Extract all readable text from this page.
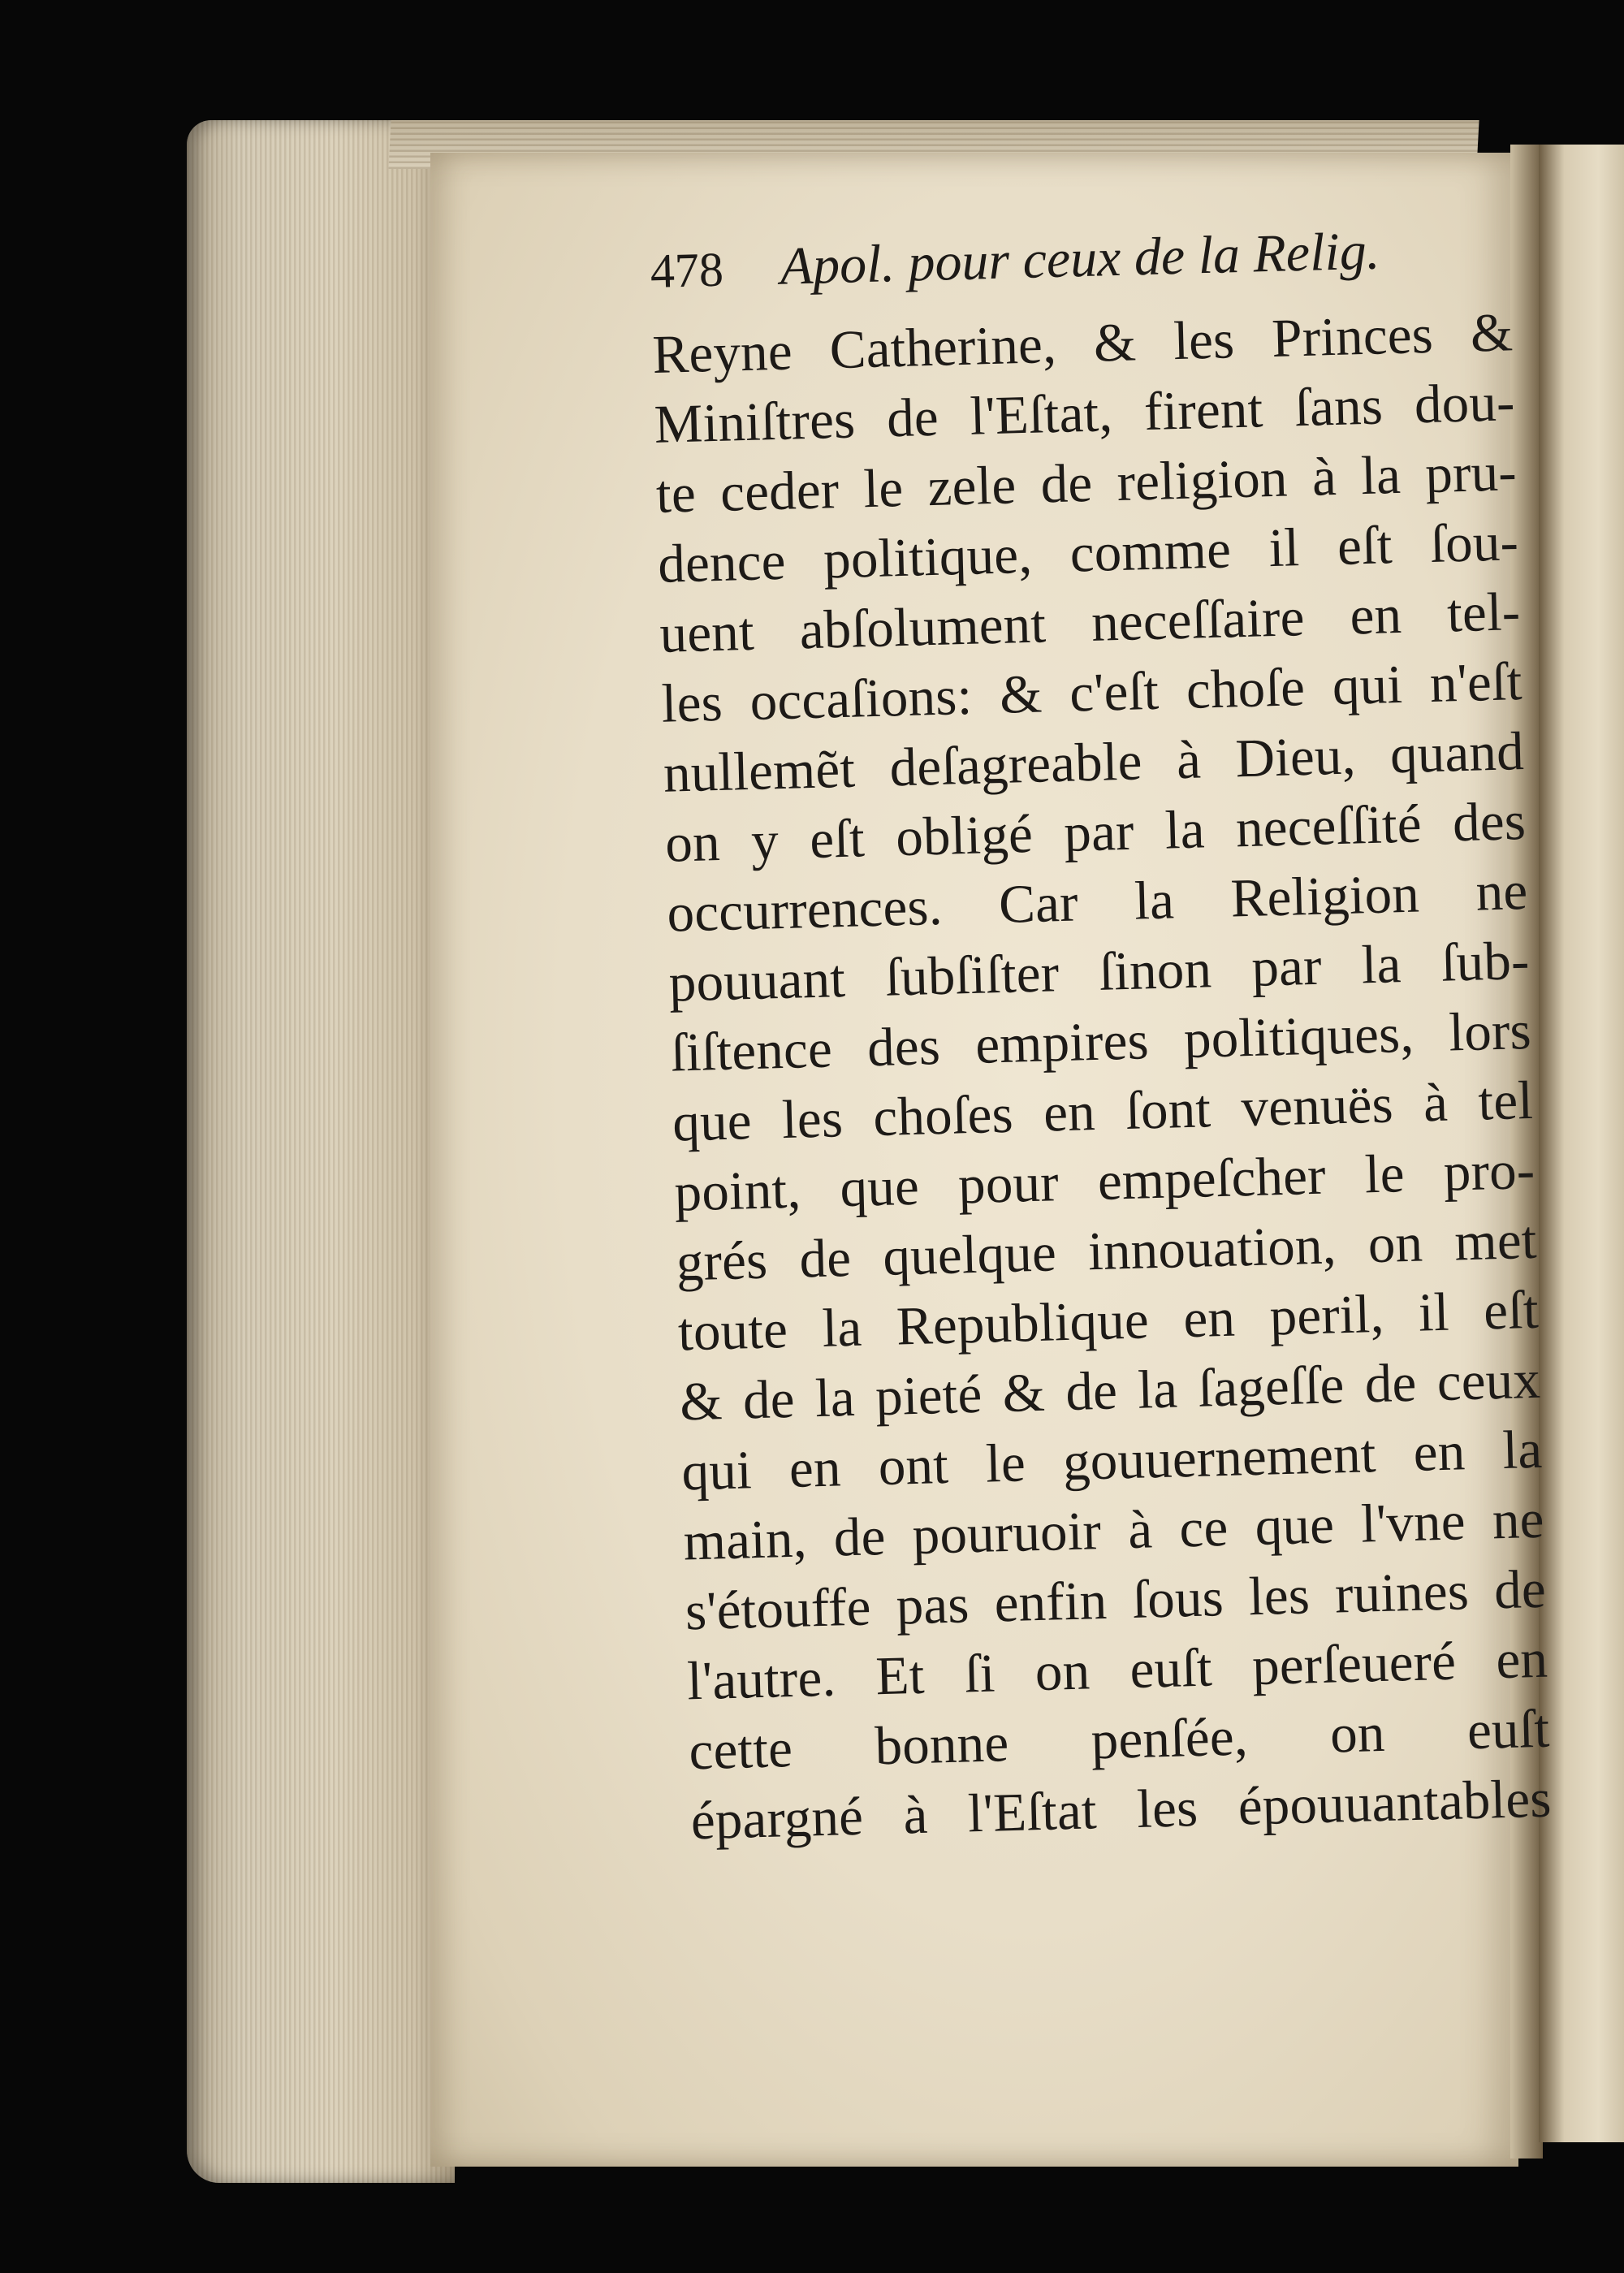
478 Apol. pour ceux de la Relig.
Reyne Catherine, & les Princes &
Miniſtres de l'Eſtat, firent ſans dou-
te ceder le zele de religion à la pru-
dence politique, comme il eſt ſou-
uent abſolument neceſſaire en tel-
les occaſions: & c'eſt choſe qui n'eſt
nullemẽt deſagreable à Dieu, quand
on y eſt obligé par la neceſſité des
occurrences. Car la Religion ne
pouuant ſubſiſter ſinon par la ſub-
ſiſtence des empires politiques, lors
que les choſes en ſont venuës à tel
point, que pour empeſcher le pro-
grés de quelque innouation, on met
toute la Republique en peril, il eſt
& de la pieté & de la ſageſſe de ceux
qui en ont le gouuernement en la
main, de pouruoir à ce que l'vne ne
s'étouffe pas enfin ſous les ruines de
l'autre. Et ſi on euſt perſeueré en
cette bonne penſée, on euſt
épargné à l'Eſtat les épouuantables
